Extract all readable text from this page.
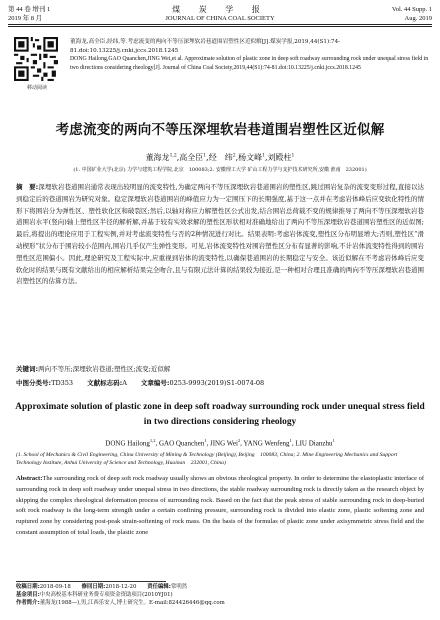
第 44 卷 增刊 1
2019 年 8 月
煤 炭 学 报
JOURNAL OF CHINA COAL SOCIETY
Vol. 44 Supp. 1
Aug. 2019
移动阅读
董海龙,高全臣,经纬,等.考虑流变的两向不等压深埋软岩巷道围岩塑性区近似解[J].煤炭学报,2019,44(S1):74-81.doi:10.13225/j.cnki.jccs.2018.1245
DONG Hailong,GAO Quanchen,JING Wei,et al. Approximate solution of plastic zone in deep soft roadway surrounding rock under unequal stress field in two directions considering rheology[J]. Journal of China Coal Society,2019,44(S1):74-81.doi:10.13225/j.cnki.jccs.2018.1245
考虑流变的两向不等压深埋软岩巷道围岩塑性区近似解
董海龙$^{1,2}$,高全臣$^1$,经　纬$^2$,杨文峰$^1$,刘殿柱$^1$
(1. 中国矿业大学(北京) 力学与建筑工程学院,北京　100083;2. 安徽理工大学 矿山工程力学与支护技术研究所,安徽 淮南　232001)
摘　要:深埋软岩巷道围岩通常表现出较明显的流变特性,为确定两向不等压深埋软岩巷道围岩的塑性区,跳过围岩复杂的流变变形过程,直接以达到稳定后的巷道围岩为研究对象。稳定深埋软岩巷道围岩的峰值应力为一定围压下的长期强度,基于这一点并在考虑岩体峰后应变软化特性的情形下将围岩分为弹性区、塑性软化区和破裂区;然后,以轴对称应力解塑性区公式出发,结合围岩总荷载不变的规律推导了两向不等压深埋软岩巷道围岩水平(竖向)轴上塑性区半径的解析解,并基于较有实效求解的塑性区形状相对准确地给出了两向不等压深埋软岩巷道围岩塑性区的近似图;最后,将提出的理论应用于工程实例,并对考虑流变特性与否的2种情况进行对比。结果表明:考虑岩体流变,塑性区分布明显增大;否则,塑性区“滑动楔形”状分布于围岩较小范围内,围岩几乎仅产生弹性变形。可见,岩体流变特性对围岩塑性区分布有显著的影响,不计岩体流变特性得到的围岩塑性区范围偏小。因此,理论研究及工程实际中,应重视到岩体的流变特性,以确保巷道围岩的长期稳定与安全。该近似解在不考虑岩体峰后应变软化时的结果与既有文献给出的相应解析结果完全吻合,且与有限元法计算的结果较为接近,是一种相对合理且准确的两向不等压深埋软岩巷道围岩塑性区的估算方法。
关键词:两向不等压;深埋软岩巷道;塑性区;流变;近似解
中图分类号:TD353 文献标志码:A 文章编号:0253-9993(2019)S1-0074-08
Approximate solution of plastic zone in deep soft roadway surrounding rock under unequal stress field in two directions considering rheology
DONG Hailong$^{1,2}$, GAO Quanchen$^1$, JING Wei$^2$, YANG Wenfeng$^1$, LIU Dianzhu$^1$
(1. School of Mechanics & Civil Engineering, China University of Mining & Technology (Beijing), Beijing　100083, China; 2. Mine Engineering Mechanics and Support Technology Institute, Anhui University of Science and Technology, Huainan　232001, China)
Abstract:The surrounding rock of deep soft rock roadway usually shows an obvious rheological property. In order to determine the elastoplastic interface of surrounding rock in deep soft roadway under unequal stress in two directions, the stable roadway surrounding rock is directly taken as the research object by skipping the complex rheological deformation process of surrounding rock. Based on the fact that the peak stress of stable surrounding rock in deep-buried soft rock roadway is the long-term strength under a certain confining pressure, surrounding rock is divided into elastic zone, plastic softening zone and ruptured zone by considering post-peak strain-softening of rock mass. On the basis of the formulas of plastic zone under axisymmetric stress field and the constant assumption of total loads, the plastic zone
收稿日期:2018-09-18　　 修回日期:2018-12-20　　 责任编辑:常明然
基金项目:中央高校基本科研业务费专项资金资助项目(2010YJ01)
作者简介:董海龙(1988—),男,江西乐安人,博士研究生。E-mail:824426446@qq.com
